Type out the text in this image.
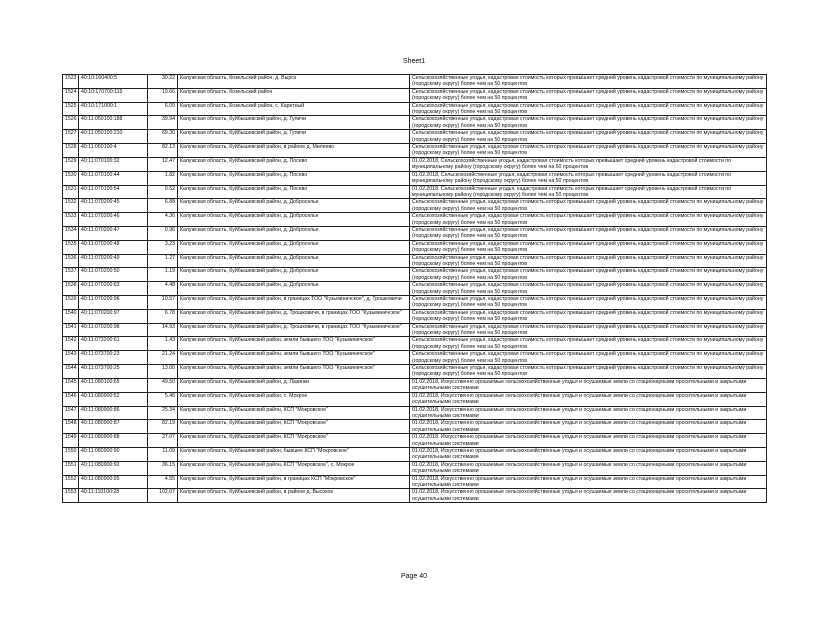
Sheet1
1523	40:10:160400:5	30.22	Калужская область, Козельский район, д. Вырск	Сельскохозяйственные угодья, кадастровая стоимость которых превышает средний уровень кадастровой стоимости по муниципальному району (городскому округу) более чем на 50 процентов
1524	40:10:170700:115	19.66	Калужская область, Козельский район	Сельскохозяйственные угодья, кадастровая стоимость которых превышает средний уровень кадастровой стоимости по муниципальному району (городскому округу) более чем на 50 процентов
1525	40:10:171000:1	6.09	Калужская область, Козельский район, с. Каретный	Сельскохозяйственные угодья, кадастровая стоимость которых превышает средний уровень кадастровой стоимости по муниципальному району (городскому округу) более чем на 50 процентов
1526	40:11:050100:188	39.94	Калужская область, Куйбышевский район, д. Гуличи	Сельскохозяйственные угодья, кадастровая стоимость которых превышает средний уровень кадастровой стоимости по муниципальному району (городскому округу) более чем на 50 процентов
1527	40:11:050100:210	69.30	Калужская область, Куйбышевский район, д. Гуличи	Сельскохозяйственные угодья, кадастровая стоимость которых превышает средний уровень кадастровой стоимости по муниципальному району (городскому округу) более чем на 50 процентов
1528	40:11:060100:4	82.13	Калужская область, Куйбышевский район, в районе д. Милеево	Сельскохозяйственные угодья, кадастровая стоимость которых превышает средний уровень кадастровой стоимости по муниципальному району (городскому округу) более чем на 50 процентов
1529	40:11:070100:32	12.47	Калужская область, Куйбышевский район, д. Посево	01.02.2018, Сельскохозяйственные угодья, кадастровая стоимость которых превышает средний уровень кадастровой стоимости по муниципальному району (городскому округу) более чем на 50 процентов
1530	40:11:070100:44	1.82	Калужская область, Куйбышевский район, д. Посево	01.02.2018, Сельскохозяйственные угодья, кадастровая стоимость которых превышает средний уровень кадастровой стоимости по муниципальному району (городскому округу) более чем на 50 процентов
1531	40:11:070100:54	0.52	Калужская область, Куйбышевский район, д. Посево	01.02.2018, Сельскохозяйственные угодья, кадастровая стоимость которых превышает средний уровень кадастровой стоимости по муниципальному району (городскому округу) более чем на 50 процентов
1532	40:11:070200:45	6.88	Калужская область, Куйбышевский район, д. Доброселье	Сельскохозяйственные угодья, кадастровая стоимость которых превышает средний уровень кадастровой стоимости по муниципальному району (городскому округу) более чем на 50 процентов
1533	40:11:070200:46	4.36	Калужская область, Куйбышевский район, д. Доброселье	Сельскохозяйственные угодья, кадастровая стоимость которых превышает средний уровень кадастровой стоимости по муниципальному району (городскому округу) более чем на 50 процентов
1534	40:11:070200:47	0.96	Калужская область, Куйбышевский район, д. Доброселье	Сельскохозяйственные угодья, кадастровая стоимость которых превышает средний уровень кадастровой стоимости по муниципальному району (городскому округу) более чем на 50 процентов
1535	40:11:070200:48	3.23	Калужская область, Куйбышевский район, д. Доброселье	Сельскохозяйственные угодья, кадастровая стоимость которых превышает средний уровень кадастровой стоимости по муниципальному району (городскому округу) более чем на 50 процентов
1536	40:11:070200:49	1.27	Калужская область, Куйбышевский район, д. Доброселье	Сельскохозяйственные угодья, кадастровая стоимость которых превышает средний уровень кадастровой стоимости по муниципальному району (городскому округу) более чем на 50 процентов
1537	40:11:070200:50	1.19	Калужская область, Куйбышевский район, д. Доброселье	Сельскохозяйственные угодья, кадастровая стоимость которых превышает средний уровень кадастровой стоимости по муниципальному району (городскому округу) более чем на 50 процентов
1538	40:11:070200:63	4.48	Калужская область, Куйбышевский район, д. Доброселье	Сельскохозяйственные угодья, кадастровая стоимость которых превышает средний уровень кадастровой стоимости по муниципальному району (городскому округу) более чем на 50 процентов
1539	40:11:070200:96	10.57	Калужская область, Куйбышевский район, в границах ТОО "Кузьминичское", д. Трошковичи	Сельскохозяйственные угодья, кадастровая стоимость которых превышает средний уровень кадастровой стоимости по муниципальному району (городскому округу) более чем на 50 процентов
1540	40:11:070200:97	6.78	Калужская область, Куйбышевский район, д. Трошковичи, в границах ТОО "Кузьминичское"	Сельскохозяйственные угодья, кадастровая стоимость которых превышает средний уровень кадастровой стоимости по муниципальному району (городскому округу) более чем на 50 процентов
1541	40:11:070200:98	14.93	Калужская область, Куйбышевский район, д. Трошковичи, в границах ТОО "Кузьминичское"	Сельскохозяйственные угодья, кадастровая стоимость которых превышает средний уровень кадастровой стоимости по муниципальному району (городскому округу) более чем на 50 процентов
1542	40:11:073200:61	1.43	Калужская область, Куйбышевский район, земли бывшего ТОО "Кузьминичское"	Сельскохозяйственные угодья, кадастровая стоимость которых превышает средний уровень кадастровой стоимости по муниципальному району (городскому округу) более чем на 50 процентов
1543	40:11:073700:23	21.24	Калужская область, Куйбышевский район, земли бывшего ТОО "Кузьминичское"	Сельскохозяйственные угодья, кадастровая стоимость которых превышает средний уровень кадастровой стоимости по муниципальному району (городскому округу) более чем на 50 процентов
1544	40:11:073700:25	13.00	Калужская область, Куйбышевский район, земли бывшего ТОО "Кузьминичское"	Сельскохозяйственные угодья, кадастровая стоимость которых превышает средний уровень кадастровой стоимости по муниципальному району (городскому округу) более чем на 50 процентов
1545	40:11:080100:65	49.50	Калужская область, Куйбышевский район, д. Лазинки	01.02.2018, Искусственно орошаемые сельскохозяйственные угодья и осушаемые земли со стационарными оросительными и закрытыми осушительными системами
1546	40:11:080900:52	5.46	Калужская область, Куйбышевский район, с. Мокрое	01.02.2018, Искусственно орошаемые сельскохозяйственные угодья и осушаемые земли со стационарными оросительными и закрытыми осушительными системами
1547	40:11:080900:86	25.34	Калужская область, Куйбышевский район, КСП "Мокровское"	01.02.2018, Искусственно орошаемые сельскохозяйственные угодья и осушаемые земли со стационарными оросительными и закрытыми осушительными системами
1548	40:11:080900:87	82.19	Калужская область, Куйбышевский район, КСП "Мокровское"	01.02.2018, Искусственно орошаемые сельскохозяйственные угодья и осушаемые земли со стационарными оросительными и закрытыми осушительными системами
1549	40:11:080900:88	27.07	Калужская область, Куйбышевский район, КСП "Мокровское"	01.02.2018, Искусственно орошаемые сельскохозяйственные угодья и осушаемые земли со стационарными оросительными и закрытыми осушительными системами
1550	40:11:080900:90	11.09	Калужская область, Куйбышевский район, бывшее КСП "Мокровское"	01.02.2018, Искусственно орошаемые сельскохозяйственные угодья и осушаемые земли со стационарными оросительными и закрытыми осушительными системами
1551	40:11:080900:92	36.15	Калужская область, Куйбышевский район, КСП "Мокровское", с. Мокрое	01.02.2018, Искусственно орошаемые сельскохозяйственные угодья и осушаемые земли со стационарными оросительными и закрытыми осушительными системами
1552	40:11:080900:95	4.55	Калужская область, Куйбышевский район, в границах КСП "Мокровское"	01.02.2018, Искусственно орошаемые сельскохозяйственные угодья и осушаемые земли со стационарными оросительными и закрытыми осушительными системами
1553	40:11:110100:28	102.07	Калужская область, Куйбышевский район, в районе д. Высокое	01.02.2018, Искусственно орошаемые сельскохозяйственные угодья и осушаемые земли со стационарными оросительными и закрытыми осушительными системами
Page 40
